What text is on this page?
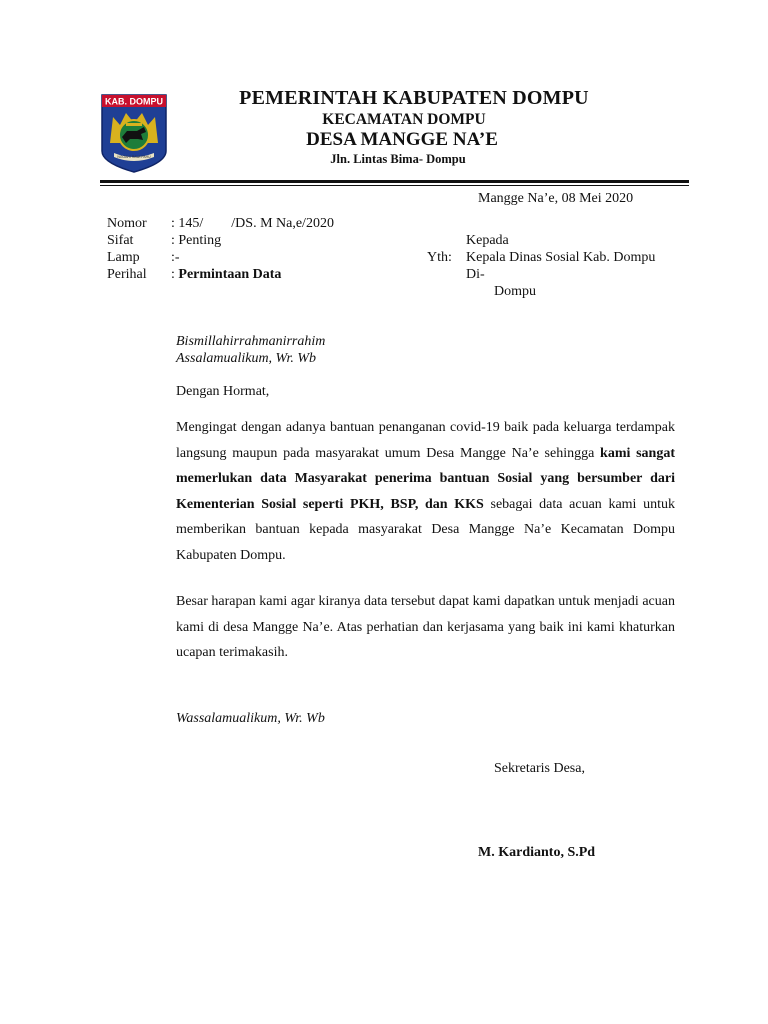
KAB. DOMPU
NGGAHI RAWI PAHU
PEMERINTAH KABUPATEN DOMPU
KECAMATAN DOMPU
DESA MANGGE NA’E
Jln. Lintas Bima- Dompu
Mangge Na’e, 08 Mei 2020
Nomor : 145/        /DS. M Na,e/2020
Sifat	: Penting
Lamp :-
Perihal : Permintaan Data
Kepada
Yth: Kepala Dinas Sosial Kab. Dompu
Di-
Dompu
Bismillahirrahmanirrahim
Assalamualikum, Wr. Wb
Dengan Hormat,
Mengingat dengan adanya bantuan penanganan covid-19 baik pada keluarga terdampak langsung maupun pada masyarakat umum Desa Mangge Na’e sehingga kami sangat memerlukan data Masyarakat penerima bantuan Sosial yang bersumber dari Kementerian Sosial seperti PKH, BSP, dan KKS sebagai data acuan kami untuk memberikan bantuan kepada masyarakat Desa Mangge Na’e Kecamatan Dompu Kabupaten Dompu.
Besar harapan kami agar kiranya data tersebut dapat kami dapatkan untuk menjadi acuan kami di desa Mangge Na’e. Atas perhatian dan kerjasama yang baik ini kami khaturkan ucapan terimakasih.
Wassalamualikum, Wr. Wb
Sekretaris Desa,
M. Kardianto, S.Pd
